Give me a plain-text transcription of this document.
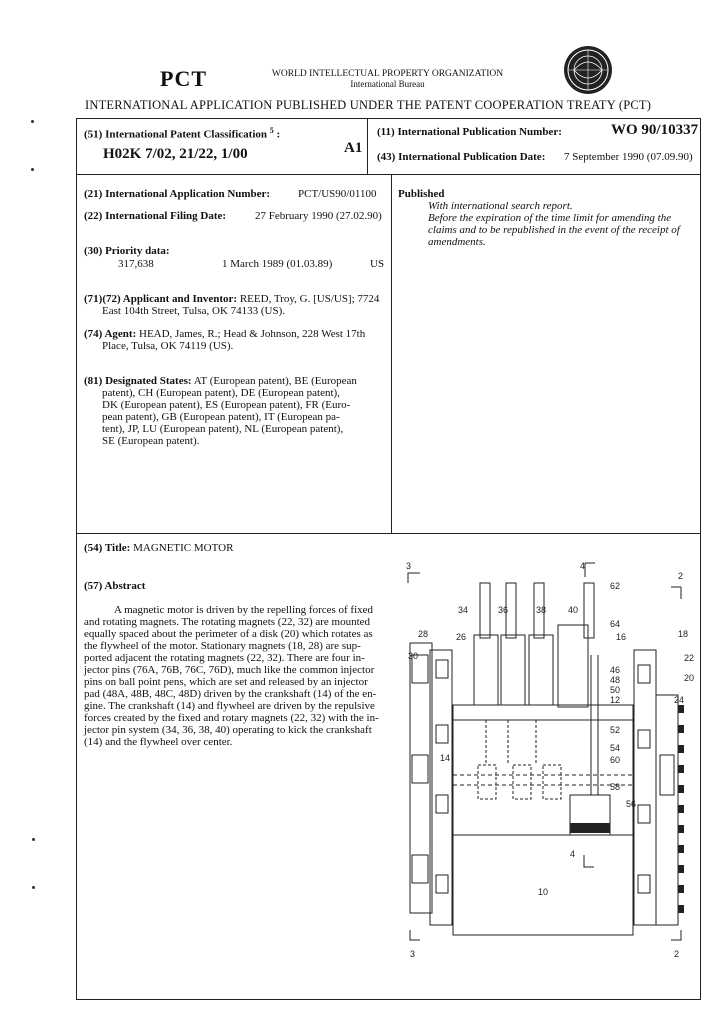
PCT	WORLD INTELLECTUAL PROPERTY ORGANIZATION
International Bureau
INTERNATIONAL APPLICATION PUBLISHED UNDER THE PATENT COOPERATION TREATY (PCT)
(51) International Patent Classification $^5$ :
H02K 7/02, 21/22, 1/00	A1
(11) International Publication Number:	WO 90/10337
(43) International Publication Date: 7 September 1990 (07.09.90)
(21) International Application Number:	PCT/US90/01100
(22) International Filing Date:	27 February 1990 (27.02.90)
(30) Priority data:
317,638	1 March 1989 (01.03.89)	US
(71)(72) Applicant and Inventor: REED, Troy, G. [US/US]; 7724
East 104th Street, Tulsa, OK 74133 (US).
(74) Agent: HEAD, James, R.; Head & Johnson, 228 West 17th
Place, Tulsa, OK 74119 (US).
(81) Designated States: AT (European patent), BE (European
patent), CH (European patent), DE (European patent),
DK (European patent), ES (European patent), FR (Euro-
pean patent), GB (European patent), IT (European pa-
tent), JP, LU (European patent), NL (European patent),
SE (European patent).
Published
With international search report.
Before the expiration of the time limit for amending the
claims and to be republished in the event of the receipt of
amendments.
(54) Title: MAGNETIC MOTOR
(57) Abstract
A magnetic motor is driven by the repelling forces of fixed
and rotating magnets. The rotating magnets (22, 32) are mounted
equally spaced about the perimeter of a disk (20) which rotates as
the flywheel of the motor. Stationary magnets (18, 28) are sup-
ported adjacent the rotating magnets (22, 32). There are four in-
jector pins (76A, 76B, 76C, 76D), much like the common injector
pins on ball point pens, which are set and released by an injector
pad (48A, 48B, 48C, 48D) driven by the crankshaft (14) of the en-
gine. The crankshaft (14) and flywheel are driven by the repulsive
forces created by the fixed and rotary magnets (22, 32) with the in-
jector pin system (34, 36, 38, 40) operating to kick the crankshaft
(14) and the flywheel over center.
3	4
2
62
34	36	38 40
64
16	18
28	26
30	22
46
48
50
20
12	24
52
54
60
14
58
56
4
10
3	2
